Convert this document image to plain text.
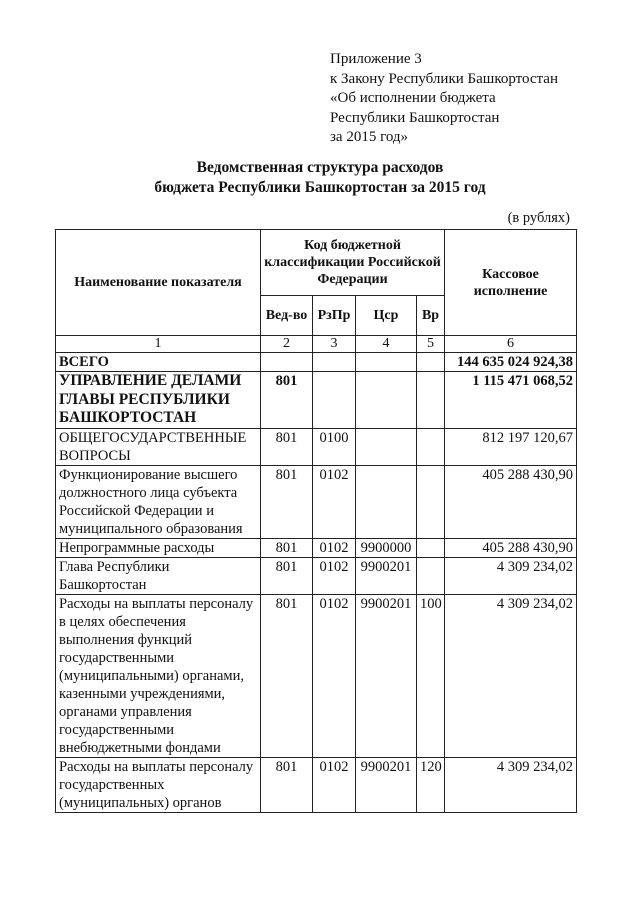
Приложение 3
к Закону Республики Башкортостан
«Об исполнении бюджета
Республики Башкортостан
за 2015 год»
Ведомственная структура расходов
бюджета Республики Башкортостан за 2015 год
(в рублях)
Наименование показателя	Код бюджетной классификации Российской Федерации				Кассовое исполнение
	Вед-во	РзПр	Цср	Вр	
1	2	3	4	5	6
ВСЕГО					144 635 024 924,38
УПРАВЛЕНИЕ ДЕЛАМИ ГЛАВЫ РЕСПУБЛИКИ БАШКОРТОСТАН	801				1 115 471 068,52
ОБЩЕГОСУДАРСТВЕННЫЕ ВОПРОСЫ	801	0100			812 197 120,67
Функционирование высшего должностного лица субъекта Российской Федерации и муниципального образования	801	0102			405 288 430,90
Непрограммные расходы	801	0102	9900000		405 288 430,90
Глава Республики Башкортостан	801	0102	9900201		4 309 234,02
Расходы на выплаты персоналу в целях обеспечения выполнения функций государственными (муниципальными) органами, казенными учреждениями, органами управления государственными внебюджетными фондами	801	0102	9900201	100	4 309 234,02
Расходы на выплаты персоналу государственных (муниципальных) органов	801	0102	9900201	120	4 309 234,02
